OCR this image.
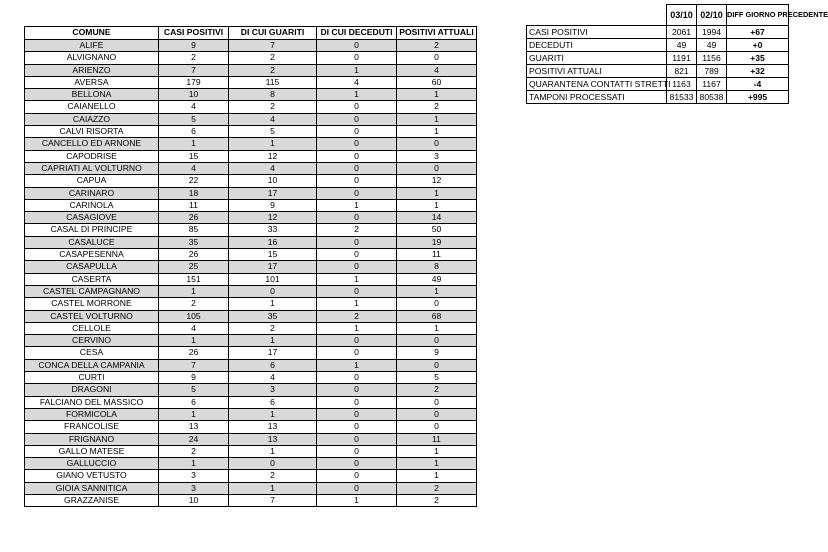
COMUNE	CASI POSITIVI	DI CUI GUARITI	DI CUI DECEDUTI	POSITIVI ATTUALI
ALIFE	9	7	0	2
ALVIGNANO	2	2	0	0
ARIENZO	7	2	1	4
AVERSA	179	115	4	60
BELLONA	10	8	1	1
CAIANELLO	4	2	0	2
CAIAZZO	5	4	0	1
CALVI RISORTA	6	5	0	1
CANCELLO ED ARNONE	1	1	0	0
CAPODRISE	15	12	0	3
CAPRIATI AL VOLTURNO	4	4	0	0
CAPUA	22	10	0	12
CARINARO	18	17	0	1
CARINOLA	11	9	1	1
CASAGIOVE	26	12	0	14
CASAL DI PRINCIPE	85	33	2	50
CASALUCE	35	16	0	19
CASAPESENNA	26	15	0	11
CASAPULLA	25	17	0	8
CASERTA	151	101	1	49
CASTEL CAMPAGNANO	1	0	0	1
CASTEL MORRONE	2	1	1	0
CASTEL VOLTURNO	105	35	2	68
CELLOLE	4	2	1	1
CERVINO	1	1	0	0
CESA	26	17	0	9
CONCA DELLA CAMPANIA	7	6	1	0
CURTI	9	4	0	5
DRAGONI	5	3	0	2
FALCIANO DEL MASSICO	6	6	0	0
FORMICOLA	1	1	0	0
FRANCOLISE	13	13	0	0
FRIGNANO	24	13	0	11
GALLO MATESE	2	1	0	1
GALLUCCIO	1	0	0	1
GIANO VETUSTO	3	2	0	1
GIOIA SANNITICA	3	1	0	2
GRAZZANISE	10	7	1	2
	03/10	02/10	DIFF GIORNO PRECEDENTE
CASI POSITIVI	2061	1994	+67
DECEDUTI	49	49	+0
GUARITI	1191	1156	+35
POSITIVI ATTUALI	821	789	+32
QUARANTENA CONTATTI STRETTI	1163	1167	-4
TAMPONI PROCESSATI	81533	80538	+995
